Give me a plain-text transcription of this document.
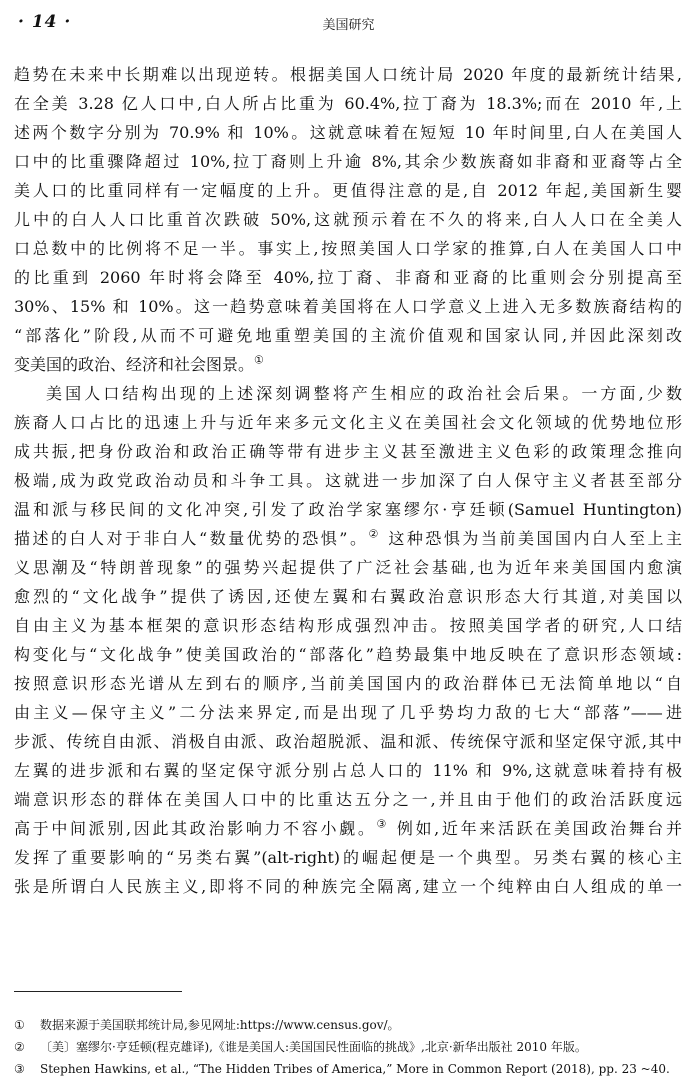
· 14 ·	美国研究
趋势在未来中长期难以出现逆转。根据美国人口统计局 2020 年度的最新统计结果,
在全美 3.28 亿人口中,白人所占比重为 60.4%,拉丁裔为 18.3%;而在 2010 年,上
述两个数字分别为 70.9% 和 10%。这就意味着在短短 10 年时间里,白人在美国人
口中的比重骤降超过 10%,拉丁裔则上升逾 8%,其余少数族裔如非裔和亚裔等占全
美人口的比重同样有一定幅度的上升。更值得注意的是,自 2012 年起,美国新生婴
儿中的白人人口比重首次跌破 50%,这就预示着在不久的将来,白人人口在全美人
口总数中的比例将不足一半。事实上,按照美国人口学家的推算,白人在美国人口中
的比重到 2060 年时将会降至 40%,拉丁裔、非裔和亚裔的比重则会分别提高至
30%、15% 和 10%。这一趋势意味着美国将在人口学意义上进入无多数族裔结构的
“部落化”阶段,从而不可避免地重塑美国的主流价值观和国家认同,并因此深刻改
变美国的政治、经济和社会图景。①
美国人口结构出现的上述深刻调整将产生相应的政治社会后果。一方面,少数
族裔人口占比的迅速上升与近年来多元文化主义在美国社会文化领域的优势地位形
成共振,把身份政治和政治正确等带有进步主义甚至激进主义色彩的政策理念推向
极端,成为政党政治动员和斗争工具。这就进一步加深了白人保守主义者甚至部分
温和派与移民间的文化冲突,引发了政治学家塞缪尔·亨廷顿(Samuel Huntington)
描述的白人对于非白人“数量优势的恐惧”。② 这种恐惧为当前美国国内白人至上主
义思潮及“特朗普现象”的强势兴起提供了广泛社会基础,也为近年来美国国内愈演
愈烈的“文化战争”提供了诱因,还使左翼和右翼政治意识形态大行其道,对美国以
自由主义为基本框架的意识形态结构形成强烈冲击。按照美国学者的研究,人口结
构变化与“文化战争”使美国政治的“部落化”趋势最集中地反映在了意识形态领域:
按照意识形态光谱从左到右的顺序,当前美国国内的政治群体已无法简单地以“自
由主义—保守主义”二分法来界定,而是出现了几乎势均力敌的七大“部落”——进
步派、传统自由派、消极自由派、政治超脱派、温和派、传统保守派和坚定保守派,其中
左翼的进步派和右翼的坚定保守派分别占总人口的 11% 和 9%,这就意味着持有极
端意识形态的群体在美国人口中的比重达五分之一,并且由于他们的政治活跃度远
高于中间派别,因此其政治影响力不容小觑。③ 例如,近年来活跃在美国政治舞台并
发挥了重要影响的“另类右翼”(alt-right)的崛起便是一个典型。另类右翼的核心主
张是所谓白人民族主义,即将不同的种族完全隔离,建立一个纯粹由白人组成的单一
① 数据来源于美国联邦统计局,参见网址:https://www.census.gov/。
② 〔美〕塞缪尔·亨廷顿(程克雄译),《谁是美国人:美国国民性面临的挑战》,北京·新华出版社 2010 年版。
③ Stephen Hawkins, et al., “The Hidden Tribes of America,” More in Common Report (2018), pp. 23 ~40.
